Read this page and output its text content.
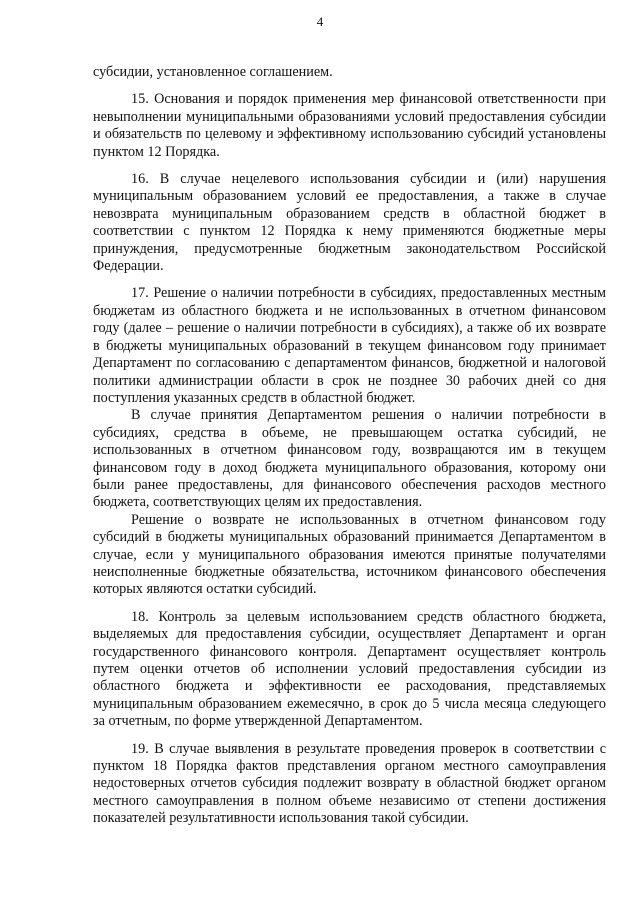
4

субсидии, установленное соглашением.

15. Основания и порядок применения мер финансовой ответственности при невыполнении муниципальными образованиями условий предоставления субсидии и обязательств по целевому и эффективному использованию субсидий установлены пунктом 12 Порядка.

16. В случае нецелевого использования субсидии и (или) нарушения муниципальным образованием условий ее предоставления, а также в случае невозврата муниципальным образованием средств в областной бюджет в соответствии с пунктом 12 Порядка к нему применяются бюджетные меры принуждения, предусмотренные бюджетным законодательством Российской Федерации.

17. Решение о наличии потребности в субсидиях, предоставленных местным бюджетам из областного бюджета и не использованных в отчетном финансовом году (далее – решение о наличии потребности в субсидиях), а также об их возврате в бюджеты муниципальных образований в текущем финансовом году принимает Департамент по согласованию с департаментом финансов, бюджетной и налоговой политики администрации области в срок не позднее 30 рабочих дней со дня поступления указанных средств в областной бюджет.

В случае принятия Департаментом решения о наличии потребности в субсидиях, средства в объеме, не превышающем остатка субсидий, не использованных в отчетном финансовом году, возвращаются им в текущем финансовом году в доход бюджета муниципального образования, которому они были ранее предоставлены, для финансового обеспечения расходов местного бюджета, соответствующих целям их предоставления.

Решение о возврате не использованных в отчетном финансовом году субсидий в бюджеты муниципальных образований принимается Департаментом в случае, если у муниципального образования имеются принятые получателями неисполненные бюджетные обязательства, источником финансового обеспечения которых являются остатки субсидий.

18. Контроль за целевым использованием средств областного бюджета, выделяемых для предоставления субсидии, осуществляет Департамент и орган государственного финансового контроля. Департамент осуществляет контроль путем оценки отчетов об исполнении условий предоставления субсидии из областного бюджета и эффективности ее расходования, представляемых муниципальным образованием ежемесячно, в срок до 5 числа месяца следующего за отчетным, по форме утвержденной Департаментом.

19. В случае выявления в результате проведения проверок в соответствии с пунктом 18 Порядка фактов представления органом местного самоуправления недостоверных отчетов субсидия подлежит возврату в областной бюджет органом местного самоуправления в полном объеме независимо от степени достижения показателей результативности использования такой субсидии.
